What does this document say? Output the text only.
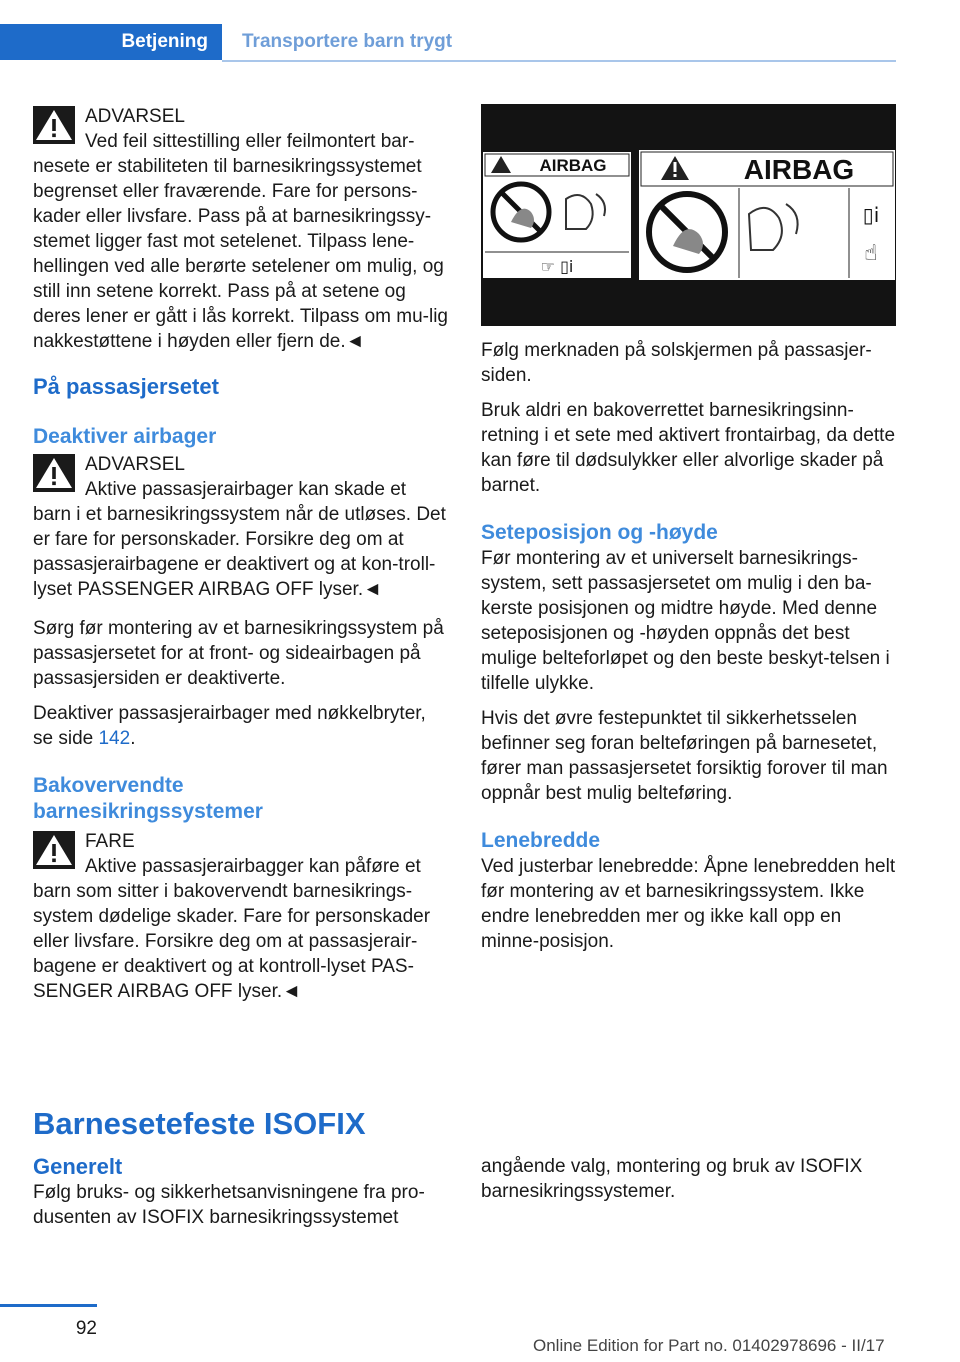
Betjening	Transportere barn trygt
ADVARSEL
Ved feil sittestilling eller feilmontert bar-
nesete er stabiliteten til barnesikringssystemet begrenset eller fraværende. Fare for persons-kader eller livsfare. Pass på at barnesikringssy-stemet ligger fast mot setelenet. Tilpass lene-hellingen ved alle berørte setelener om mulig, og still inn setene korrekt. Pass på at setene og deres lener er gått i lås korrekt. Tilpass om mu-lig nakkestøttene i høyden eller fjern de.◄
På passasjersetet
Deaktiver airbager
ADVARSEL
Aktive passasjerairbager kan skade et
barn i et barnesikringssystem når de utløses. Det er fare for personskader. Forsikre deg om at passasjerairbagene er deaktivert og at kon-troll-lyset PASSENGER AIRBAG OFF lyser.◄

Sørg før montering av et barnesikringssystem på passasjersetet for at front- og sideairbagen på passasjersiden er deaktiverte.

Deaktiver passasjerairbager med nøkkelbryter, se side 142.

Bakovervendte
barnesikringssystemer
FARE
Aktive passasjerairbagger kan påføre et
barn som sitter i bakovervendt barnesikrings-system dødelige skader. Fare for personskader eller livsfare. Forsikre deg om at passasjerair-bagene er deaktivert og at kontroll-lyset PAS-SENGER AIRBAG OFF lyser.◄
AIRBAG
☞ ▯i
AIRBAG
▯i
☝

Følg merknaden på solskjermen på passasjer-siden.

Bruk aldri en bakoverrettet barnesikringsinn-retning i et sete med aktivert frontairbag, da dette kan føre til dødsulykker eller alvorlige skader på barnet.

Seteposisjon og -høyde

Før montering av et universelt barnesikrings-system, sett passasjersetet om mulig i den ba-kerste posisjonen og midtre høyde. Med denne seteposisjonen og -høyden oppnås det best mulige belteforløpet og den beste beskyt-telsen i tilfelle ulykke.

Hvis det øvre festepunktet til sikkerhetsselen befinner seg foran belteføringen på barnesetet, fører man passasjersetet forsiktig forover til man oppnår best mulig belteføring.

Lenebredde

Ved justerbar lenebredde: Åpne lenebredden helt før montering av et barnesikringssystem. Ikke endre lenebredden mer og ikke kall opp en minne-posisjon.

Barnesetefeste ISOFIX
Generelt

Følg bruks- og sikkerhetsanvisningene fra pro-dusenten av ISOFIX barnesikringssystemet

angående valg, montering og bruk av ISOFIX barnesikringssystemer.

92
Online Edition for Part no. 01402978696 - II/17
